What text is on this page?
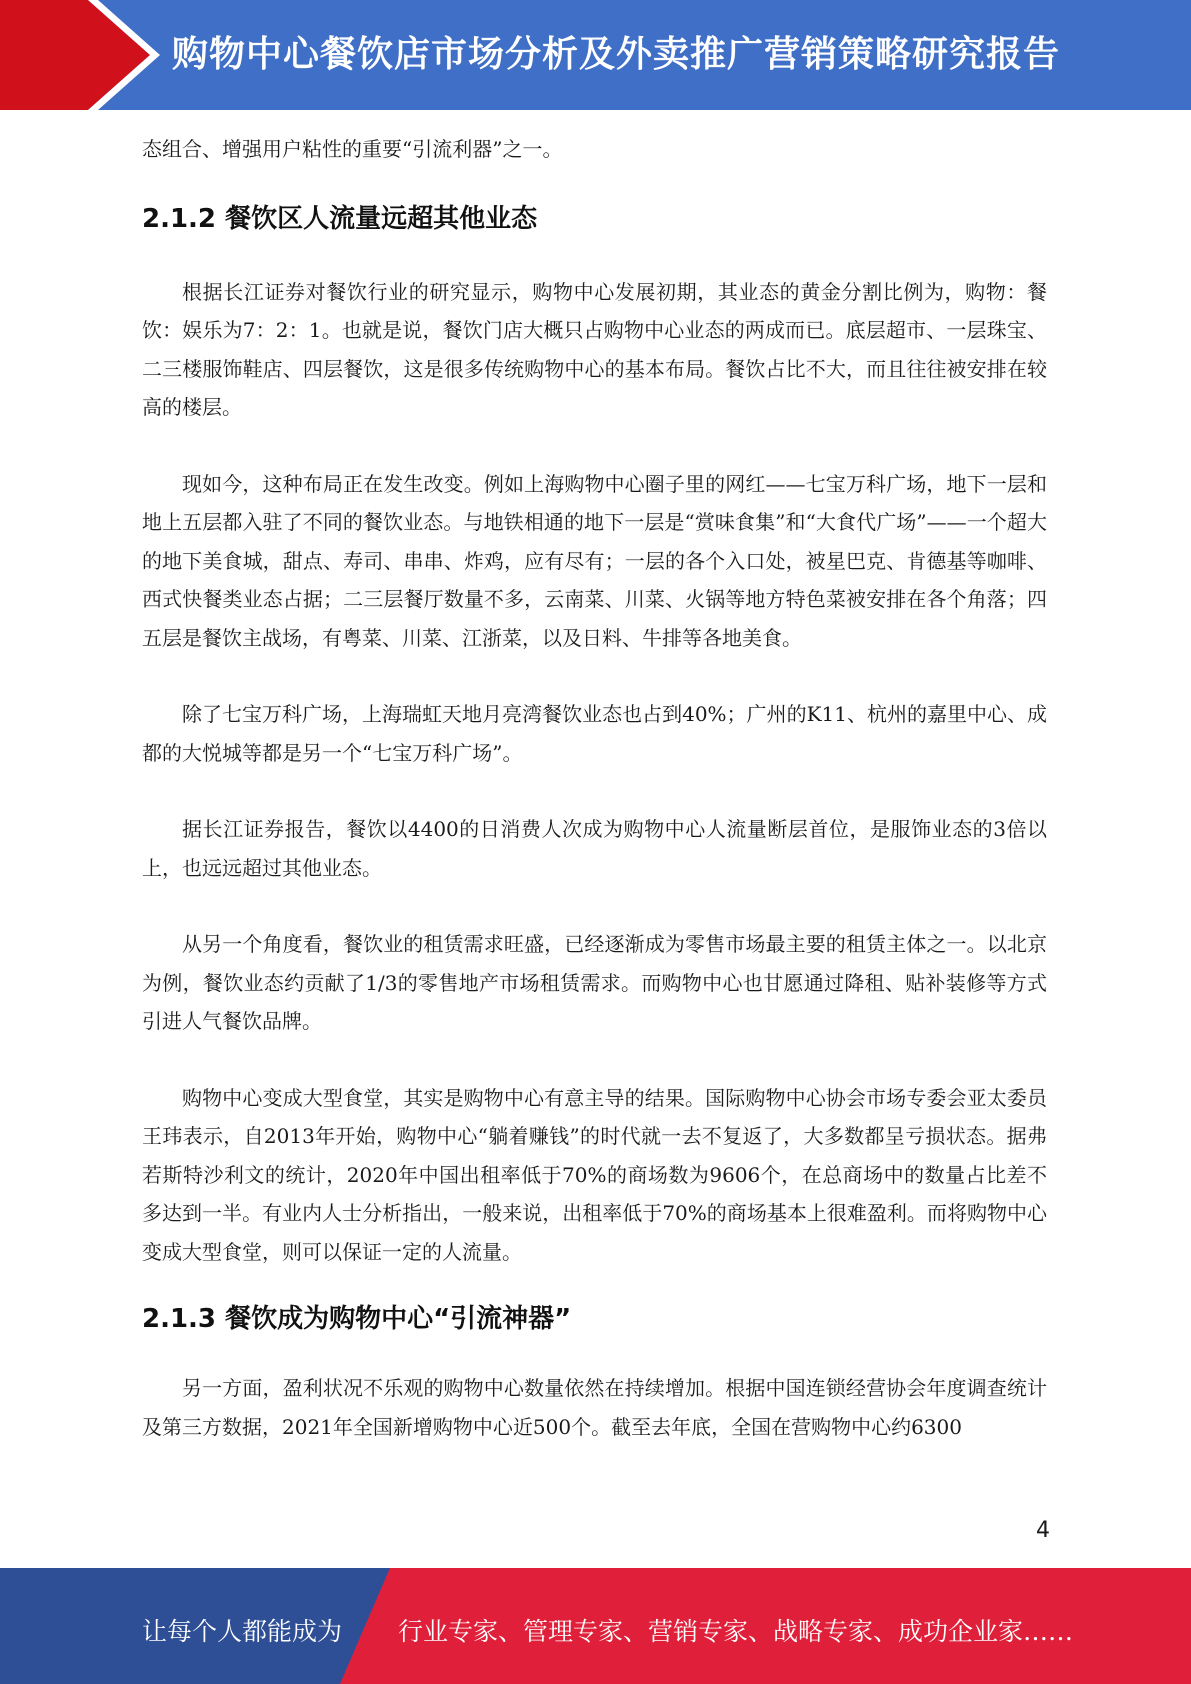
购物中心餐饮店市场分析及外卖推广营销策略研究报告

态组合、增强用户粘性的重要“引流利器”之一。

2.1.2 餐饮区人流量远超其他业态

根据长江证券对餐饮行业的研究显示，购物中心发展初期，其业态的黄金分割比例为，购物：餐饮：娱乐为7：2：1。也就是说，餐饮门店大概只占购物中心业态的两成而已。底层超市、一层珠宝、二三楼服饰鞋店、四层餐饮，这是很多传统购物中心的基本布局。餐饮占比不大，而且往往被安排在较高的楼层。

现如今，这种布局正在发生改变。例如上海购物中心圈子里的网红——七宝万科广场，地下一层和地上五层都入驻了不同的餐饮业态。与地铁相通的地下一层是“赏味食集”和“大食代广场”——一个超大的地下美食城，甜点、寿司、串串、炸鸡，应有尽有；一层的各个入口处，被星巴克、肯德基等咖啡、西式快餐类业态占据；二三层餐厅数量不多，云南菜、川菜、火锅等地方特色菜被安排在各个角落；四五层是餐饮主战场，有粤菜、川菜、江浙菜，以及日料、牛排等各地美食。

除了七宝万科广场，上海瑞虹天地月亮湾餐饮业态也占到40%；广州的K11、杭州的嘉里中心、成都的大悦城等都是另一个“七宝万科广场”。

据长江证券报告，餐饮以4400的日消费人次成为购物中心人流量断层首位，是服饰业态的3倍以上，也远远超过其他业态。

从另一个角度看，餐饮业的租赁需求旺盛，已经逐渐成为零售市场最主要的租赁主体之一。以北京为例，餐饮业态约贡献了1/3的零售地产市场租赁需求。而购物中心也甘愿通过降租、贴补装修等方式引进人气餐饮品牌。

购物中心变成大型食堂，其实是购物中心有意主导的结果。国际购物中心协会市场专委会亚太委员王玮表示，自2013年开始，购物中心“躺着赚钱”的时代就一去不复返了，大多数都呈亏损状态。据弗若斯特沙利文的统计，2020年中国出租率低于70%的商场数为9606个，在总商场中的数量占比差不多达到一半。有业内人士分析指出，一般来说，出租率低于70%的商场基本上很难盈利。而将购物中心变成大型食堂，则可以保证一定的人流量。

2.1.3 餐饮成为购物中心“引流神器”

另一方面，盈利状况不乐观的购物中心数量依然在持续增加。根据中国连锁经营协会年度调查统计及第三方数据，2021年全国新增购物中心近500个。截至去年底，全国在营购物中心约6300

4
让每个人都能成为 行业专家、管理专家、营销专家、战略专家、成功企业家……
